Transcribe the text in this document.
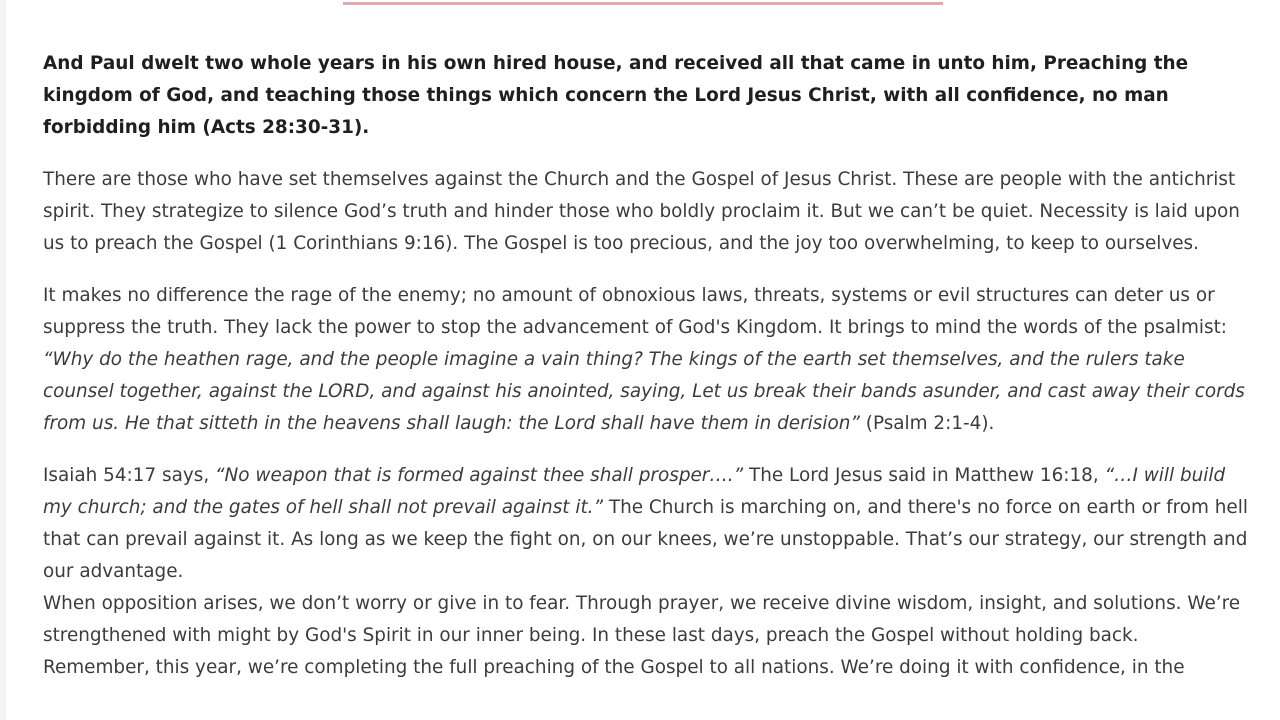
And Paul dwelt two whole years in his own hired house, and received all that came in unto him, Preaching the kingdom of God, and teaching those things which concern the Lord Jesus Christ, with all confidence, no man forbidding him (Acts 28:30-31).

There are those who have set themselves against the Church and the Gospel of Jesus Christ. These are people with the antichrist spirit. They strategize to silence God’s truth and hinder those who boldly proclaim it. But we can’t be quiet. Necessity is laid upon us to preach the Gospel (1 Corinthians 9:16). The Gospel is too precious, and the joy too overwhelming, to keep to ourselves.

It makes no difference the rage of the enemy; no amount of obnoxious laws, threats, systems or evil structures can deter us or suppress the truth. They lack the power to stop the advancement of God's Kingdom. It brings to mind the words of the psalmist: “Why do the heathen rage, and the people imagine a vain thing? The kings of the earth set themselves, and the rulers take counsel together, against the LORD, and against his anointed, saying, Let us break their bands asunder, and cast away their cords from us. He that sitteth in the heavens shall laugh: the Lord shall have them in derision” (Psalm 2:1-4).

Isaiah 54:17 says, “No weapon that is formed against thee shall prosper….” The Lord Jesus said in Matthew 16:18, “…I will build my church; and the gates of hell shall not prevail against it.” The Church is marching on, and there's no force on earth or from hell that can prevail against it. As long as we keep the fight on, on our knees, we’re unstoppable. That’s our strategy, our strength and our advantage.

When opposition arises, we don’t worry or give in to fear. Through prayer, we receive divine wisdom, insight, and solutions. We’re strengthened with might by God's Spirit in our inner being. In these last days, preach the Gospel without holding back. Remember, this year, we’re completing the full preaching of the Gospel to all nations. We’re doing it with confidence, in the
